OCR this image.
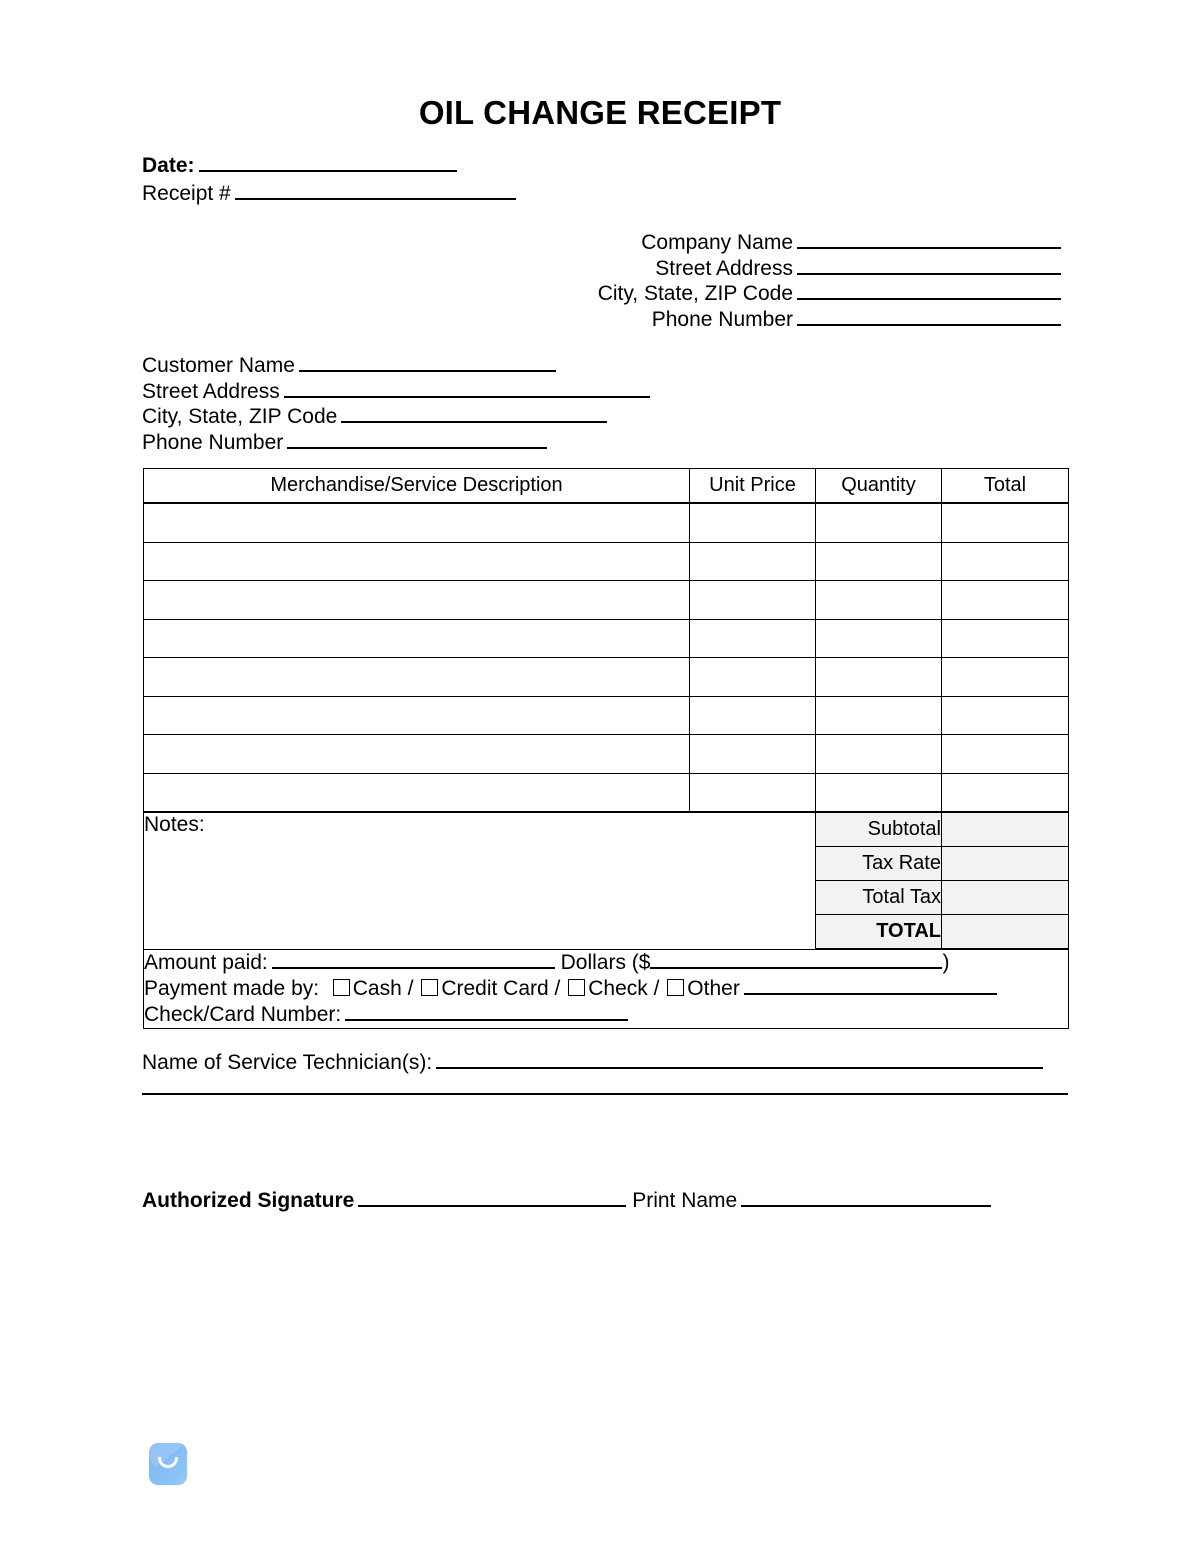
OIL CHANGE RECEIPT
Date:
Receipt #
Company Name
Street Address
City, State, ZIP Code
Phone Number
Customer Name
Street Address
City, State, ZIP Code
Phone Number
Merchandise/Service Description	Unit Price	Quantity	Total

Notes:		Subtotal	
		Tax Rate	
		Total Tax	
		TOTAL	

Amount paid: Dollars ($ )
Payment made by: Cash / Credit Card / Check / Other
Check/Card Number:			
Name of Service Technician(s):
Authorized Signature	Print Name
